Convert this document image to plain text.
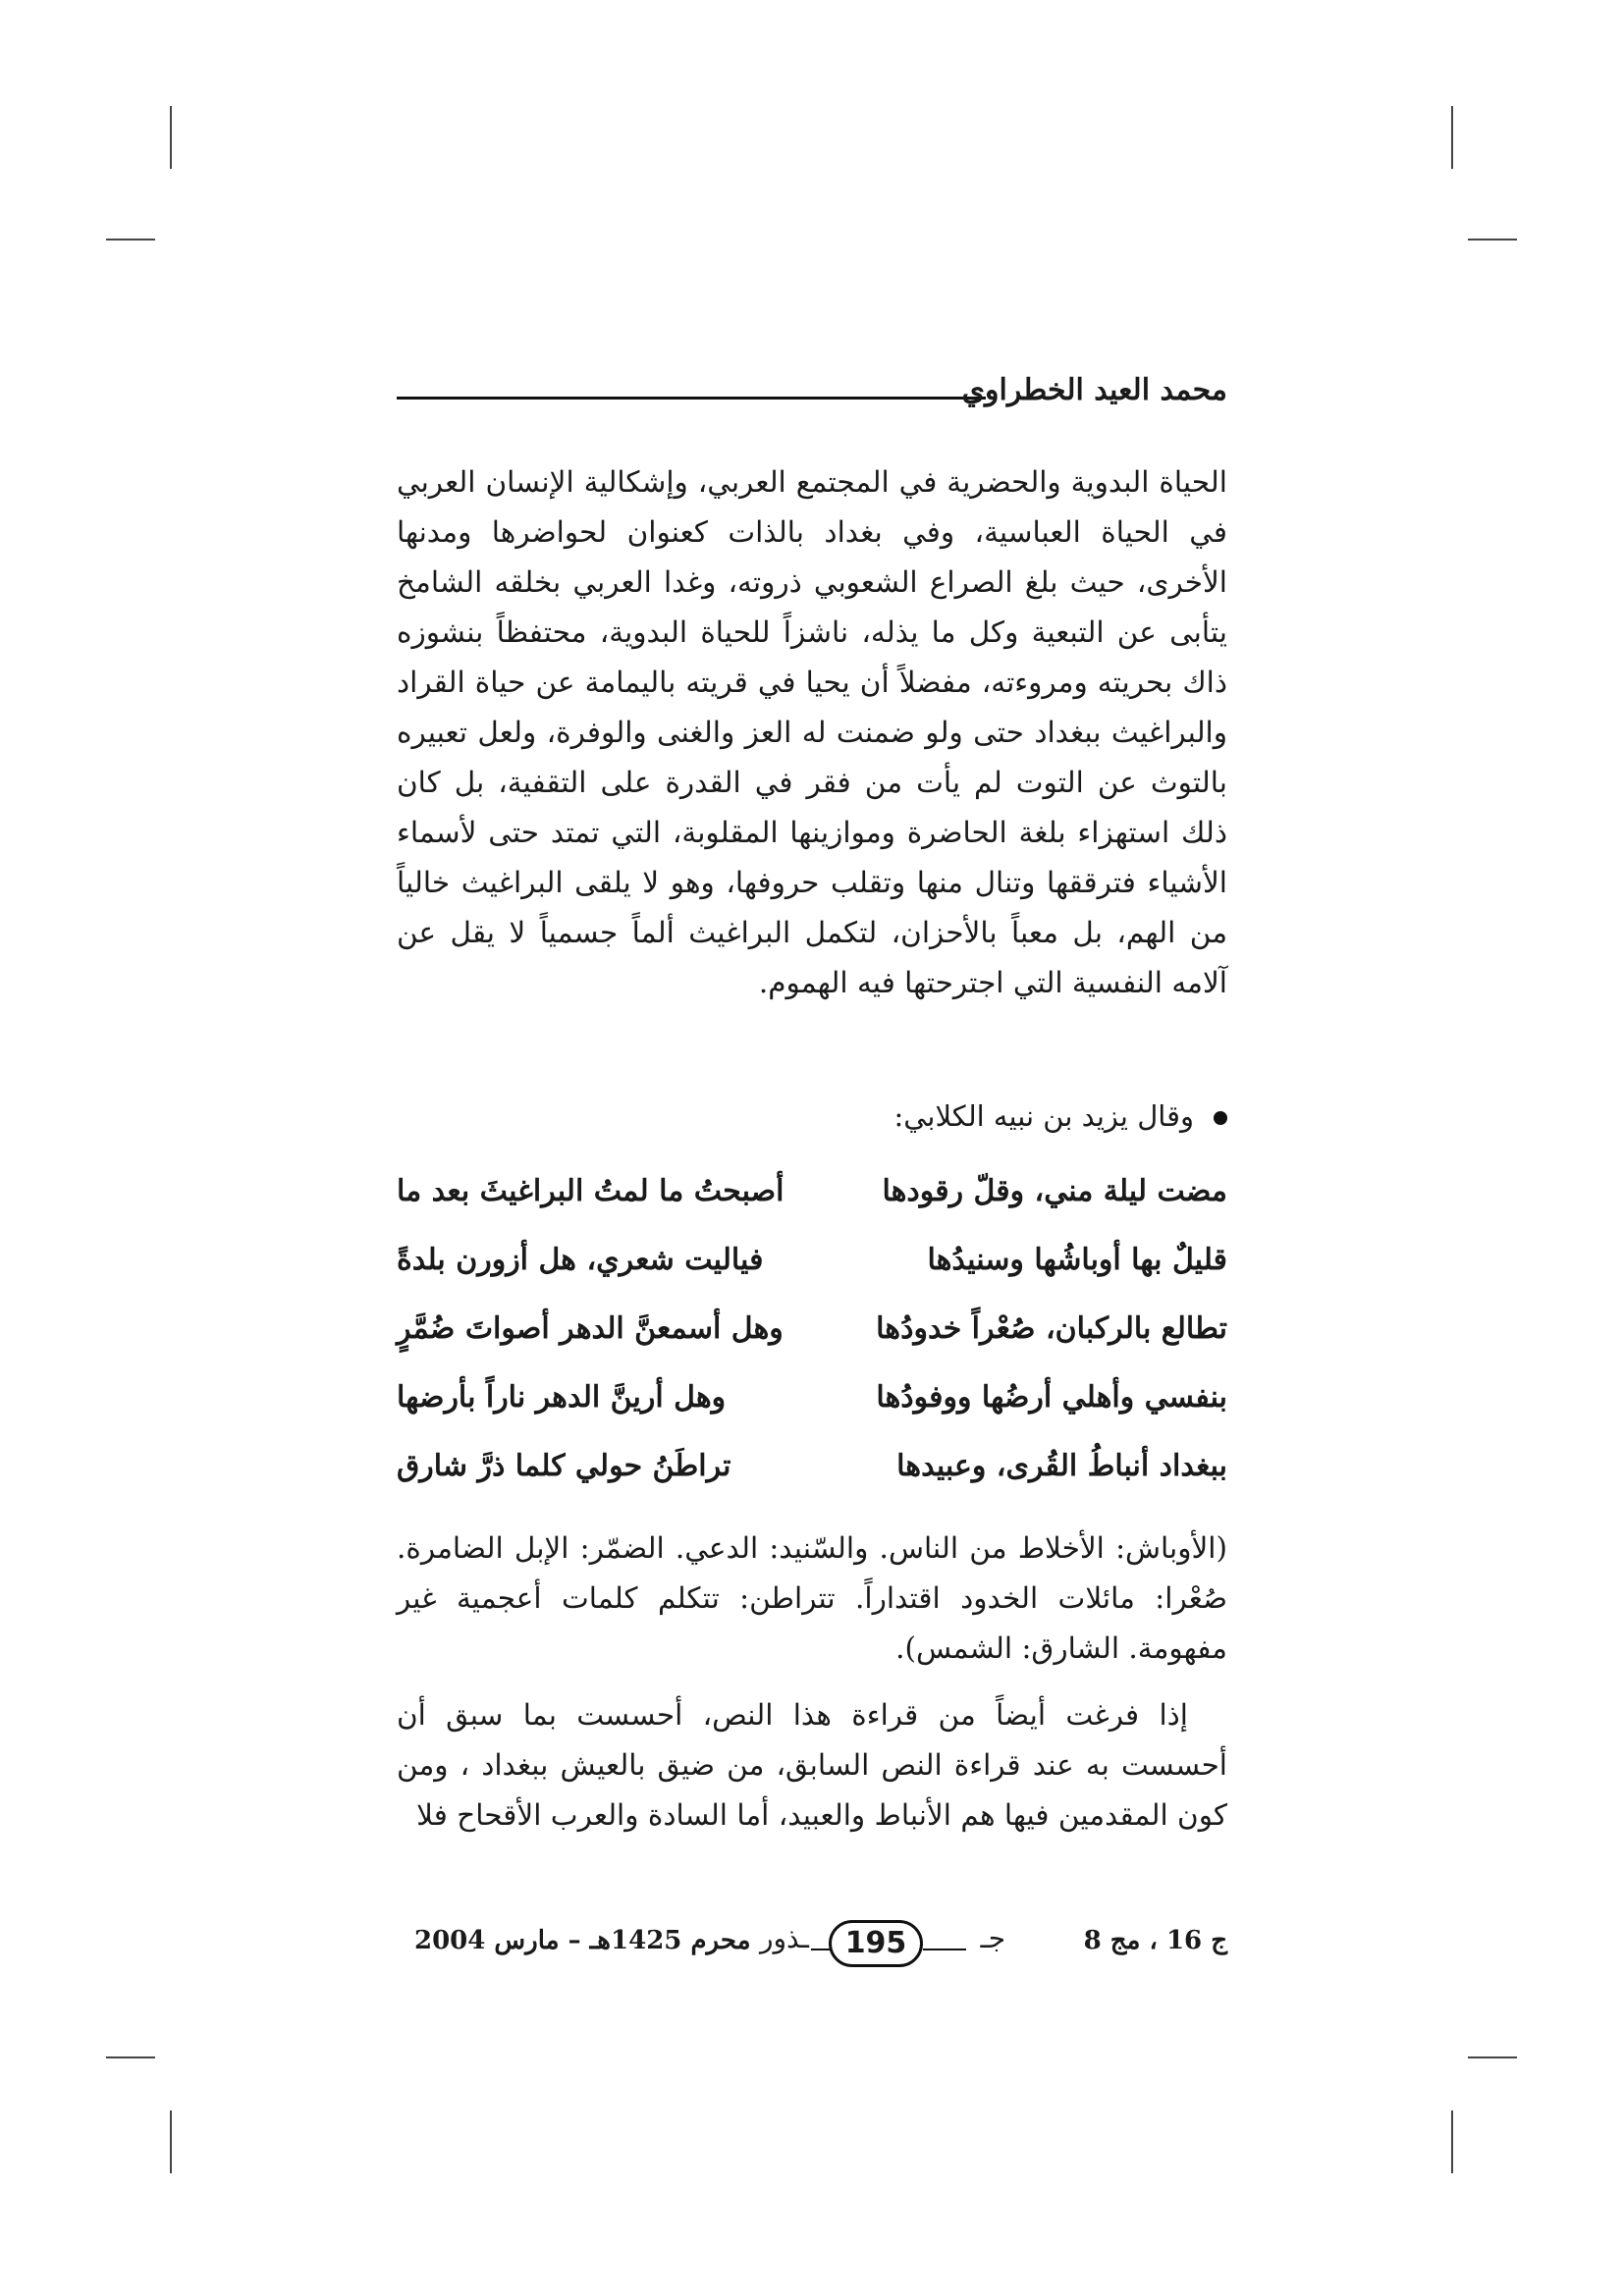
محمد العيد الخطراوي
الحياة البدوية والحضرية في المجتمع العربي، وإشكالية الإنسان العربي في الحياة العباسية، وفي بغداد بالذات كعنوان لحواضرها ومدنها الأخرى، حيث بلغ الصراع الشعوبي ذروته، وغدا العربي بخلقه الشامخ يتأبى عن التبعية وكل ما يذله، ناشزاً للحياة البدوية، محتفظاً بنشوزه ذاك بحريته ومروءته، مفضلاً أن يحيا في قريته باليمامة عن حياة القراد والبراغيث ببغداد حتى ولو ضمنت له العز والغنى والوفرة، ولعل تعبيره بالتوث عن التوت لم يأت من فقر في القدرة على التقفية، بل كان ذلك استهزاء بلغة الحاضرة وموازينها المقلوبة، التي تمتد حتى لأسماء الأشياء فترققها وتنال منها وتقلب حروفها، وهو لا يلقى البراغيث خالياً من الهم، بل معباً بالأحزان، لتكمل البراغيث ألماً جسمياً لا يقل عن آلامه النفسية التي اجترحتها فيه الهموم.
وقال يزيد بن نبيه الكلابي:
أصبحتُ ما لمتُ البراغيثَ بعد ما	مضت ليلة مني، وقلّ رقودها
فياليت شعري، هل أزورن بلدةً	قليلٌ بها أوباشُها وسنيدُها
وهل أسمعنَّ الدهر أصواتَ ضُمَّرٍ	تطالع بالركبان، صُعْراً خدودُها
وهل أرينَّ الدهر ناراً بأرضها	بنفسي وأهلي أرضُها ووفودُها
تراطَنُ حولي كلما ذرَّ شارق	ببغداد أنباطُ القُرى، وعبيدها
(الأوباش: الأخلاط من الناس. والسّنيد: الدعي. الضمّر: الإبل الضامرة. صُعْرا: مائلات الخدود اقتداراً. تتراطن: تتكلم كلمات أعجمية غير مفهومة. الشارق: الشمس).
إذا فرغت أيضاً من قراءة هذا النص، أحسست بما سبق أن أحسست به عند قراءة النص السابق، من ضيق بالعيش ببغداد ، ومن كون المقدمين فيها هم الأنباط والعبيد، أما السادة والعرب الأقحاح فلا
ج 16 ، مج 8
ـذور	195	جـ
محرم 1425هـ – مارس 2004
